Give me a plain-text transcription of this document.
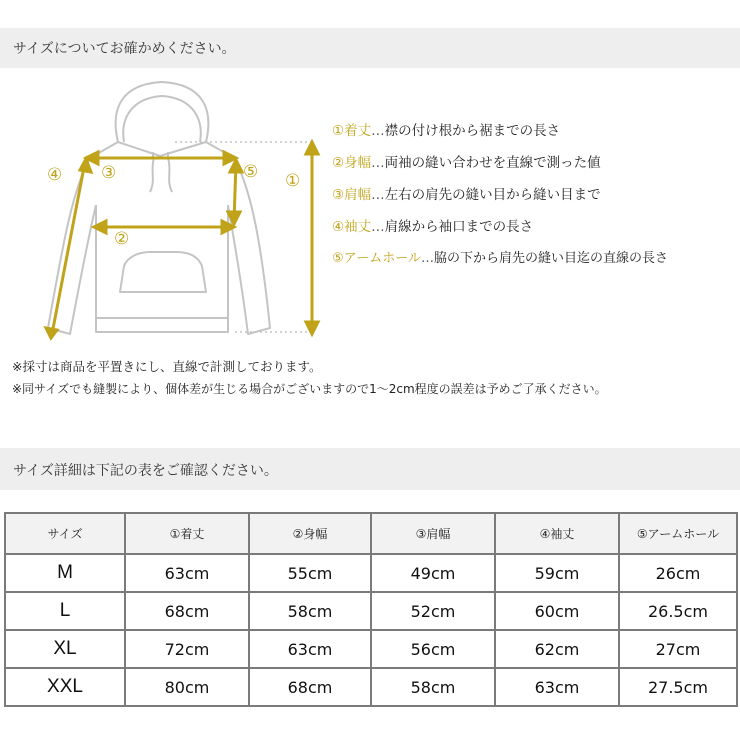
サイズについてお確かめください。
①
②
③
④	⑤
①着丈…襟の付け根から裾までの長さ
②身幅…両袖の縫い合わせを直線で測った値
③肩幅…左右の肩先の縫い目から縫い目まで
④袖丈…肩線から袖口までの長さ
⑤アームホール…脇の下から肩先の縫い目迄の直線の長さ
※採寸は商品を平置きにし、直線で計測しております。
※同サイズでも縫製により、個体差が生じる場合がございますので1～2cm程度の誤差は予めご了承ください。
サイズ詳細は下記の表をご確認ください。
サイズ	①着丈	②身幅	③肩幅	④袖丈	⑤アームホール
M	63cm	55cm	49cm	59cm	26cm
L	68cm	58cm	52cm	60cm	26.5cm
XL	72cm	63cm	56cm	62cm	27cm
XXL	80cm	68cm	58cm	63cm	27.5cm
